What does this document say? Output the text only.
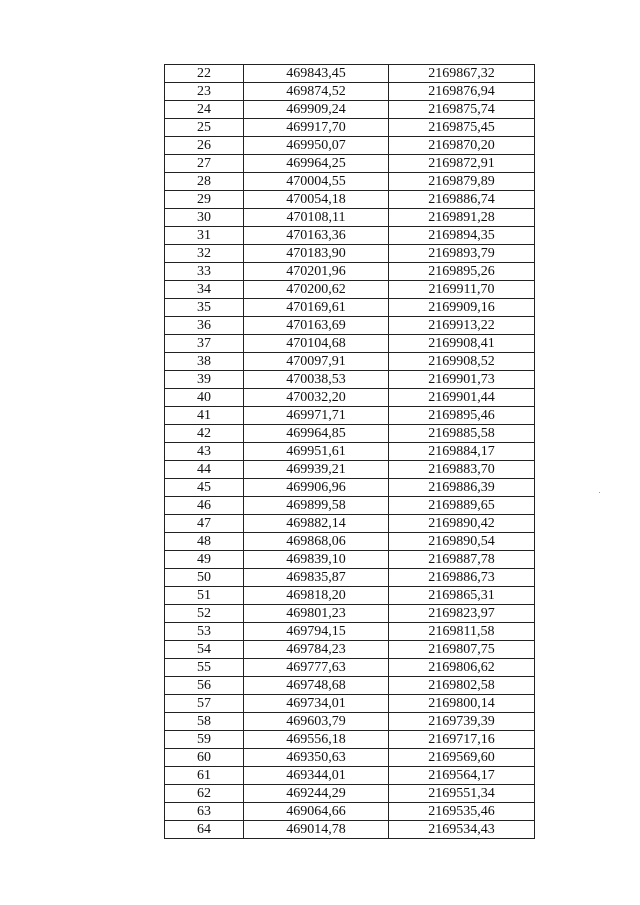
22	469843,45	2169867,32
23	469874,52	2169876,94
24	469909,24	2169875,74
25	469917,70	2169875,45
26	469950,07	2169870,20
27	469964,25	2169872,91
28	470004,55	2169879,89
29	470054,18	2169886,74
30	470108,11	2169891,28
31	470163,36	2169894,35
32	470183,90	2169893,79
33	470201,96	2169895,26
34	470200,62	2169911,70
35	470169,61	2169909,16
36	470163,69	2169913,22
37	470104,68	2169908,41
38	470097,91	2169908,52
39	470038,53	2169901,73
40	470032,20	2169901,44
41	469971,71	2169895,46
42	469964,85	2169885,58
43	469951,61	2169884,17
44	469939,21	2169883,70
45	469906,96	2169886,39
46	469899,58	2169889,65
47	469882,14	2169890,42
48	469868,06	2169890,54
49	469839,10	2169887,78
50	469835,87	2169886,73
51	469818,20	2169865,31
52	469801,23	2169823,97
53	469794,15	2169811,58
54	469784,23	2169807,75
55	469777,63	2169806,62
56	469748,68	2169802,58
57	469734,01	2169800,14
58	469603,79	2169739,39
59	469556,18	2169717,16
60	469350,63	2169569,60
61	469344,01	2169564,17
62	469244,29	2169551,34
63	469064,66	2169535,46
64	469014,78	2169534,43
